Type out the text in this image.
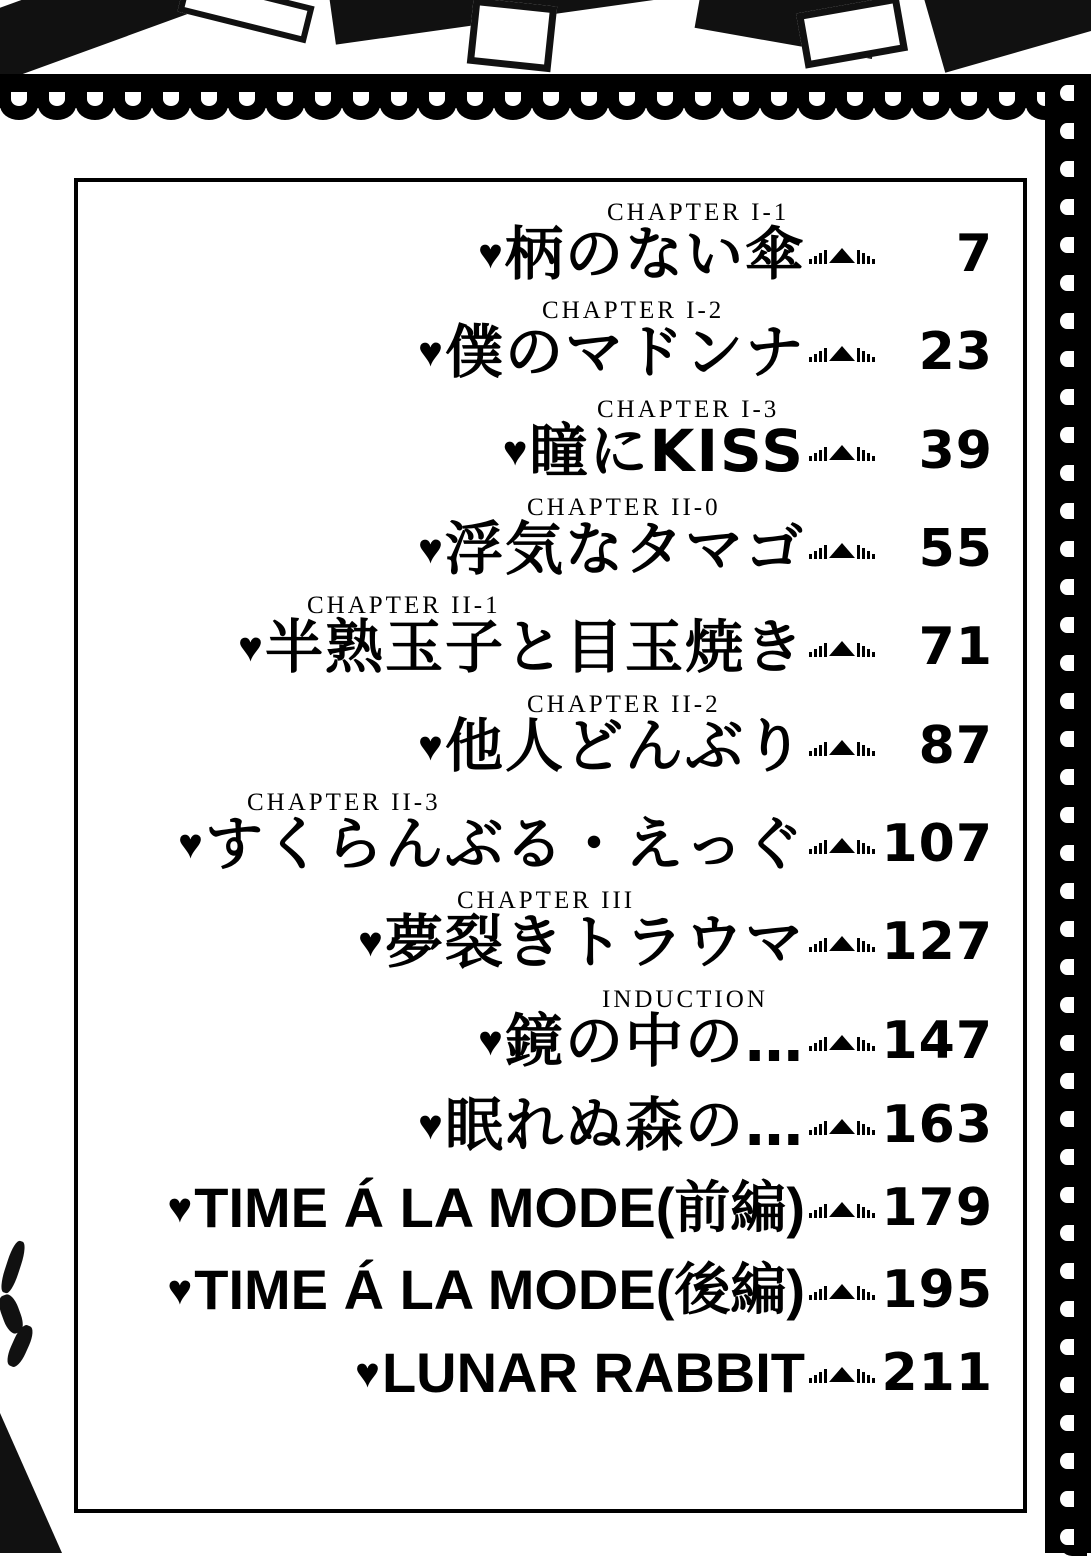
CHAPTER I-1
♥ 柄のない傘	7
CHAPTER I-2
♥ 僕のマドンナ	23
CHAPTER I-3
♥ 瞳にKISS	39
CHAPTER II-0
♥ 浮気なタマゴ	55
CHAPTER II-1
♥ 半熟玉子と目玉焼き	71
CHAPTER II-2
♥ 他人どんぶり	87
CHAPTER II-3
♥ すくらんぶる・えっぐ 107
CHAPTER III
♥ 夢裂きトラウマ 127
INDUCTION
♥ 鏡の中の… 147
♥ 眠れぬ森の… 163
♥ TIME Á LA MODE(前編) 179
♥ TIME Á LA MODE(後編) 195
♥ LUNAR RABBIT 211
